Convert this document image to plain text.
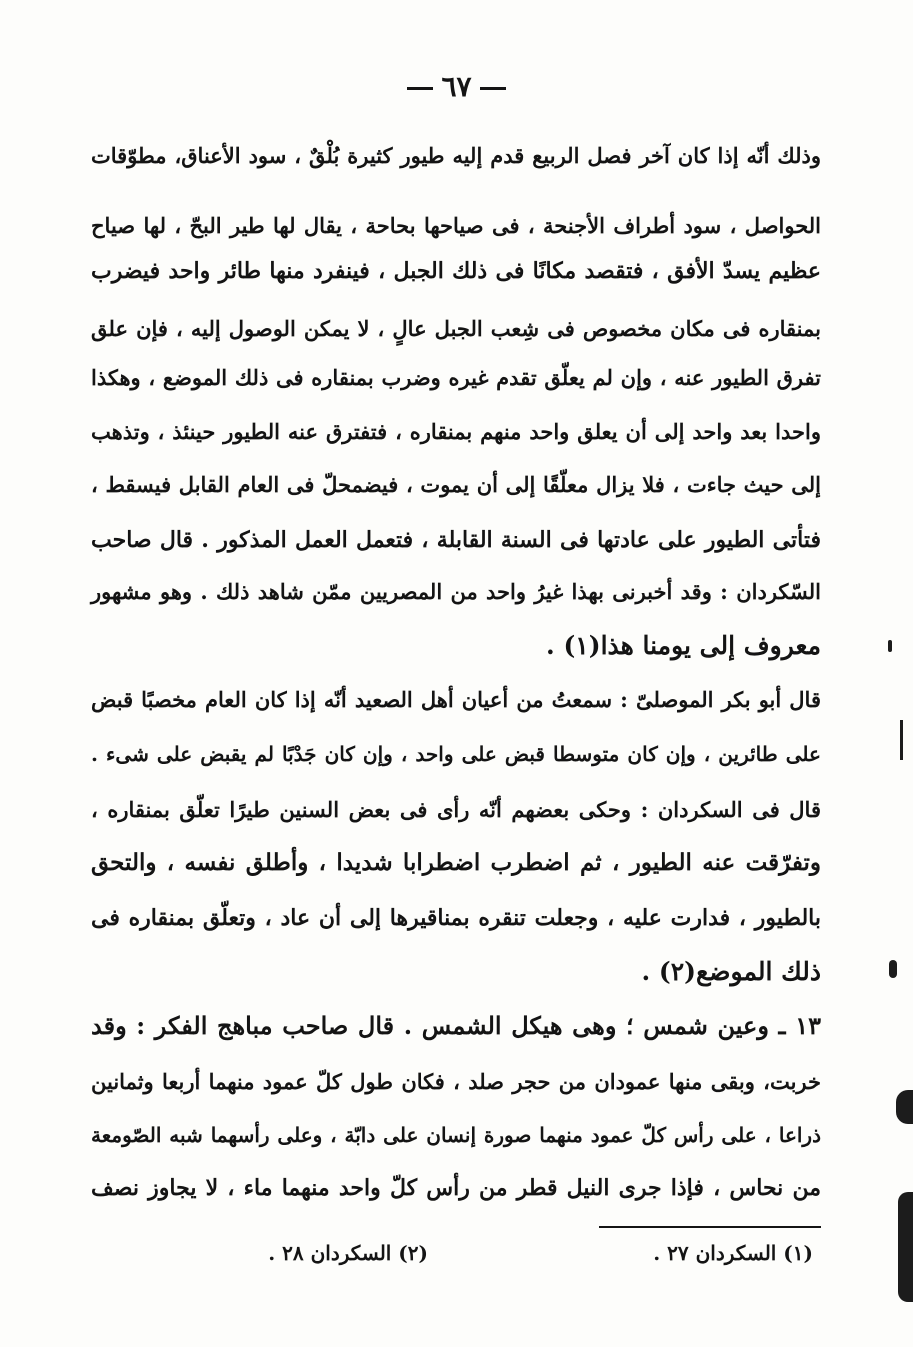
٦٧
وذلك أنّه إذا كان آخر فصل الربيع قدم إليه طيور كثيرة بُلْقٌ ، سود الأعناق، مطوّقات
الحواصل ، سود أطراف الأجنحة ، فى صياحها بحاحة ، يقال لها طير البحّ ، لها صياح
عظيم يسدّ الأفق ، فتقصد مكانًا فى ذلك الجبل ، فينفرد منها طائر واحد فيضرب
بمنقاره فى مكان مخصوص فى شِعب الجبل عالٍ ، لا يمكن الوصول إليه ، فإن علق
تفرق الطيور عنه ، وإن لم يعلّق تقدم غيره وضرب بمنقاره فى ذلك الموضع ، وهكذا
واحدا بعد واحد إلى أن يعلق واحد منهم بمنقاره ، فتفترق عنه الطيور حينئذ ، وتذهب
إلى حيث جاءت ، فلا يزال معلّقًا إلى أن يموت ، فيضمحلّ فى العام القابل فيسقط ،
فتأتى الطيور على عادتها فى السنة القابلة ، فتعمل العمل المذكور . قال صاحب
السّكردان : وقد أخبرنى بهذا غيرُ واحد من المصريين ممّن شاهد ذلك . وهو مشهور
معروف إلى يومنا هذا(١) .
قال أبو بكر الموصلىّ : سمعتُ من أعيان أهل الصعيد أنّه إذا كان العام مخصبًا قبض
على طائرين ، وإن كان متوسطا قبض على واحد ، وإن كان جَدْبًا لم يقبض على شىء .
قال فى السكردان : وحكى بعضهم أنّه رأى فى بعض السنين طيرًا تعلّق بمنقاره ،
وتفرّقت عنه الطيور ، ثم اضطرب اضطرابا شديدا ، وأطلق نفسه ، والتحق
بالطيور ، فدارت عليه ، وجعلت تنقره بمناقيرها إلى أن عاد ، وتعلّق بمنقاره فى
ذلك الموضع(٢) .
١٣ ـ وعين شمس ؛ وهى هيكل الشمس . قال صاحب مباهج الفكر : وقد
خربت، وبقى منها عمودان من حجر صلد ، فكان طول كلّ عمود منهما أربعا وثمانين
ذراعا ، على رأس كلّ عمود منهما صورة إنسان على دابّة ، وعلى رأسهما شبه الصّومعة
من نحاس ، فإذا جرى النيل قطر من رأس كلّ واحد منهما ماء ، لا يجاوز نصف
(١) السكردان ٢٧ .
(٢) السكردان ٢٨ .
